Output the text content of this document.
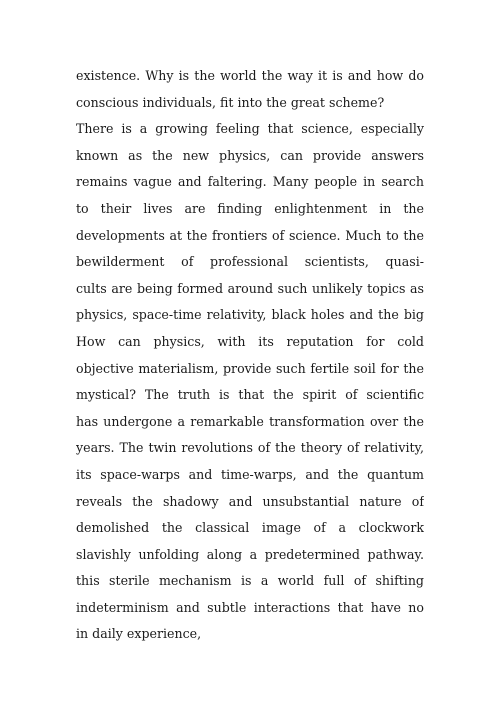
existence. Why is the world the way it is and how do
conscious individuals, fit into the great scheme?
There is a growing feeling that science, especially
known as the new physics, can provide answers
remains vague and faltering. Many people in search
to their lives are finding enlightenment in the
developments at the frontiers of science. Much to the
bewilderment of professional scientists, quasi-
cults are being formed around such unlikely topics as
physics, space-time relativity, black holes and the big
How can physics, with its reputation for cold
objective materialism, provide such fertile soil for the
mystical? The truth is that the spirit of scientific
has undergone a remarkable transformation over the
years. The twin revolutions of the theory of relativity,
its space-warps and time-warps, and the quantum
reveals the shadowy and unsubstantial nature of
demolished the classical image of a clockwork
slavishly unfolding along a predetermined pathway.
this sterile mechanism is a world full of shifting
indeterminism and subtle interactions that have no
in daily experience,
